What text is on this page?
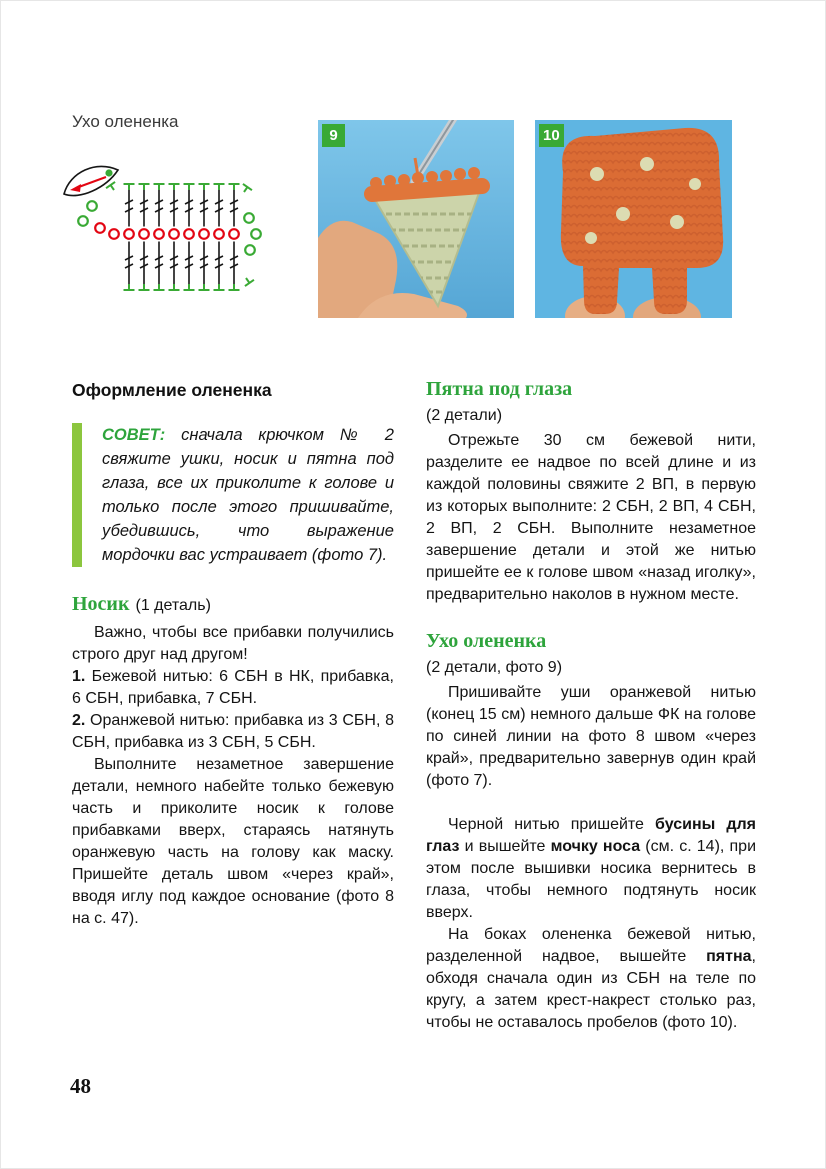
Ухо олененка
9	10
Оформление олененка

СОВЕТ: сначала крючком № 2 свяжите ушки, носик и пятна под глаза, все их приколите к голове и только после этого пришивайте, убедившись, что выражение мордочки вас устраивает (фото 7).

Носик (1 деталь)

Важно, чтобы все прибавки получились строго друг над другом!

1. Бежевой нитью: 6 СБН в НК, прибавка, 6 СБН, прибавка, 7 СБН.

2. Оранжевой нитью: прибавка из 3 СБН, 8 СБН, прибавка из 3 СБН, 5 СБН.

Выполните незаметное завершение детали, немного набейте только бежевую часть и приколите носик к голове прибавками вверх, стараясь натянуть оранжевую часть на голову как маску. Пришейте деталь швом «через край», вводя иглу под каждое основание (фото 8 на с. 47).

Пятна под глаза

(2 детали)

Отрежьте 30 см бежевой нити, разделите ее надвое по всей длине и из каждой половины свяжите 2 ВП, в первую из которых выполните: 2 СБН, 2 ВП, 4 СБН, 2 ВП, 2 СБН. Выполните незаметное завершение детали и этой же нитью пришейте ее к голове швом «назад иголку», предварительно наколов в нужном месте.

Ухо олененка

(2 детали, фото 9)

Пришивайте уши оранжевой нитью (конец 15 см) немного дальше ФК на голове по синей линии на фото 8 швом «через край», предварительно завернув один край (фото 7).

Черной нитью пришейте бусины для глаз и вышейте мочку носа (см. с. 14), при этом после вышивки носика вернитесь в глаза, чтобы немного подтянуть носик вверх.

На боках олененка бежевой нитью, разделенной надвое, вышейте пятна, обходя сначала один из СБН на теле по кругу, а затем крест-накрест столько раз, чтобы не оставалось пробелов (фото 10).

48
